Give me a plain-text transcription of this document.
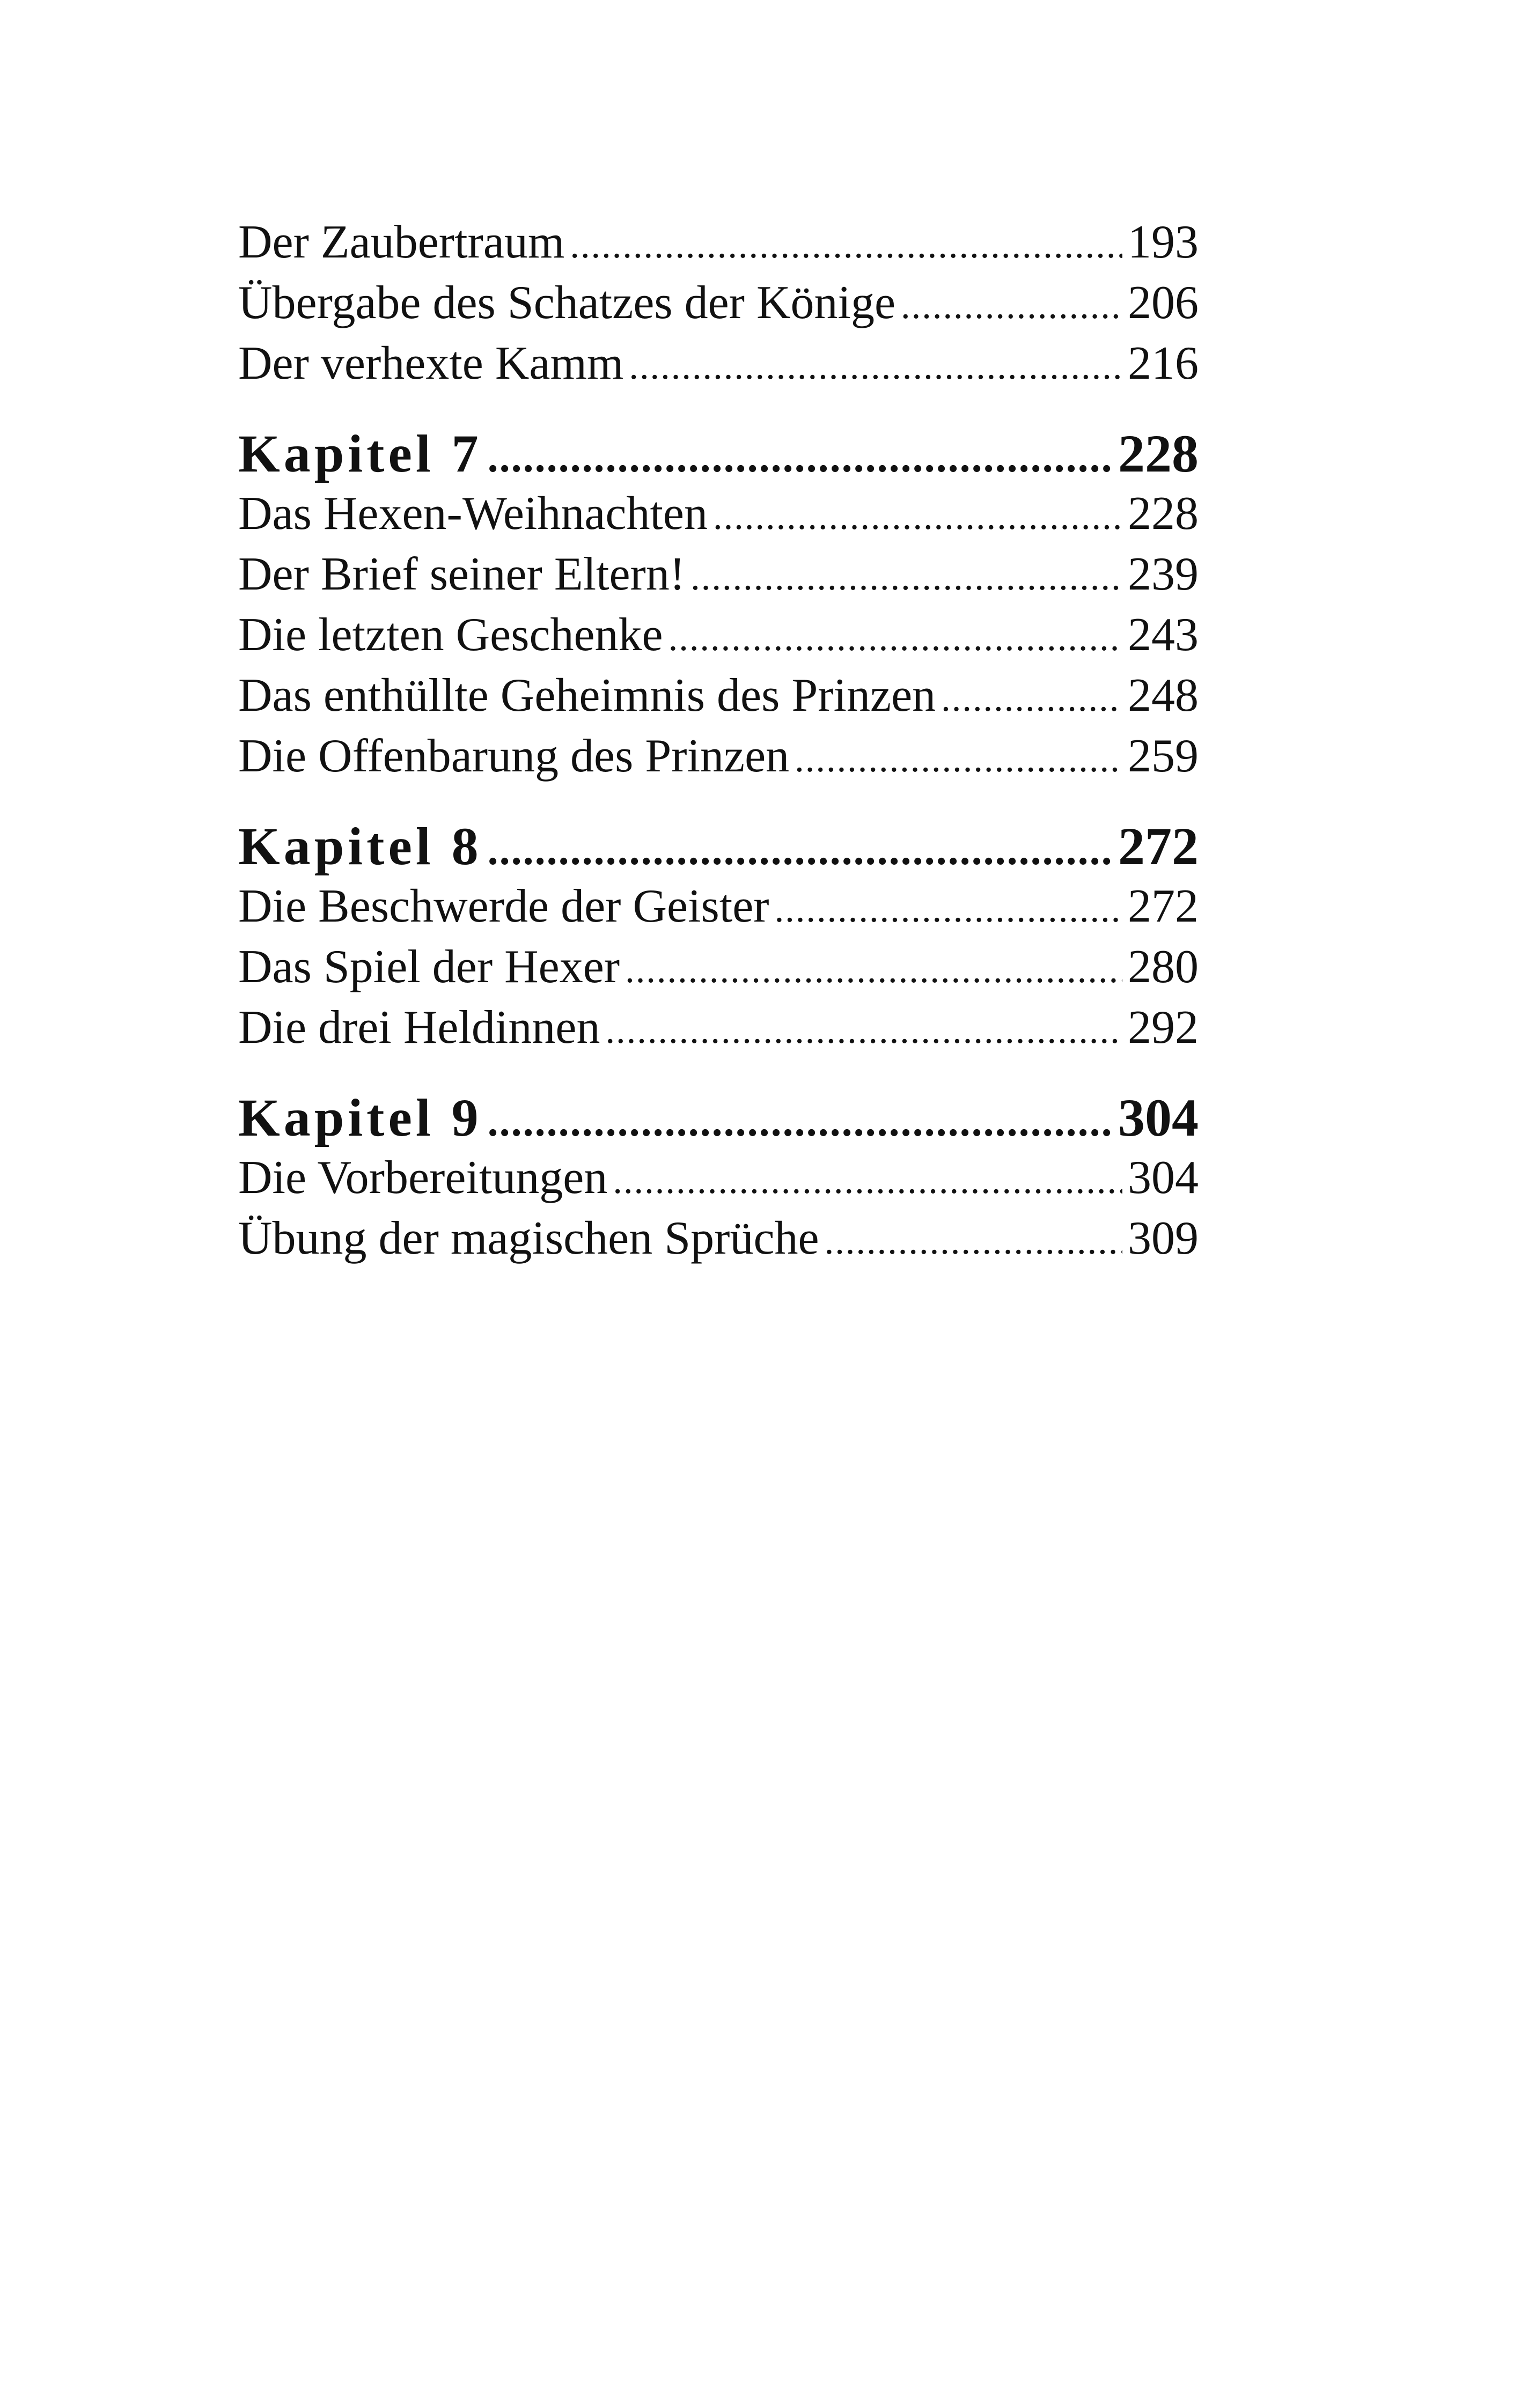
Der Zaubertraum .....	193
Übergabe des Schatzes der Könige .....	206
Der verhexte Kamm .....	216
Kapitel 7 .....	228
Das Hexen-Weihnachten .....	228
Der Brief seiner Eltern! .....	239
Die letzten Geschenke .....	243
Das enthüllte Geheimnis des Prinzen .....	248
Die Offenbarung des Prinzen .....	259
Kapitel 8 .....	272
Die Beschwerde der Geister .....	272
Das Spiel der Hexer .....	280
Die drei Heldinnen .....	292
Kapitel 9 .....	304
Die Vorbereitungen .....	304
Übung der magischen Sprüche .....	309
